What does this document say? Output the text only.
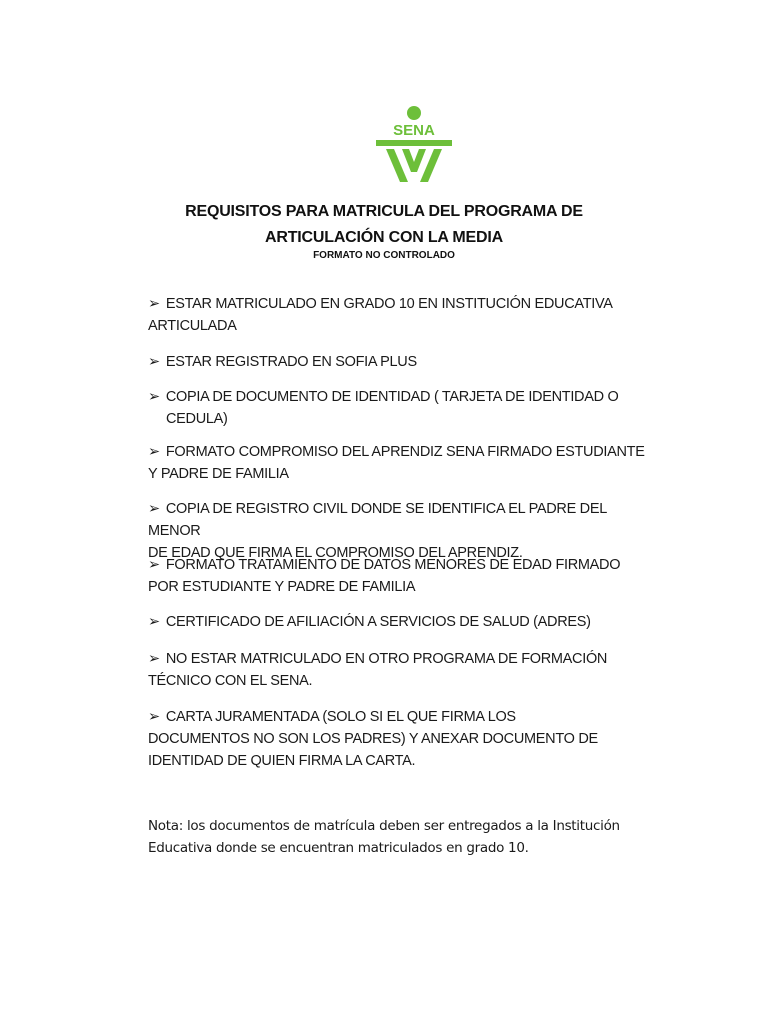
SENA
REQUISITOS PARA MATRICULA DEL PROGRAMA DE
ARTICULACIÓN CON LA MEDIA
FORMATO NO CONTROLADO
➢ ESTAR MATRICULADO EN GRADO 10 EN INSTITUCIÓN EDUCATIVA
ARTICULADA
➢ ESTAR REGISTRADO EN SOFIA PLUS
➢ COPIA DE DOCUMENTO DE IDENTIDAD ( TARJETA DE IDENTIDAD O
CEDULA)
➢ FORMATO COMPROMISO DEL APRENDIZ SENA FIRMADO ESTUDIANTE
Y PADRE DE FAMILIA
➢ COPIA DE REGISTRO CIVIL DONDE SE IDENTIFICA EL PADRE DEL MENOR
DE EDAD QUE FIRMA EL COMPROMISO DEL APRENDIZ.
➢ FORMATO TRATAMIENTO DE DATOS MENORES DE EDAD FIRMADO
POR ESTUDIANTE Y PADRE DE FAMILIA
➢ CERTIFICADO DE AFILIACIÓN A SERVICIOS DE SALUD (ADRES)
➢ NO ESTAR MATRICULADO EN OTRO PROGRAMA DE FORMACIÓN
TÉCNICO CON EL SENA.
➢ CARTA JURAMENTADA (SOLO SI EL QUE FIRMA LOS
DOCUMENTOS NO SON LOS PADRES) Y ANEXAR DOCUMENTO DE
IDENTIDAD DE QUIEN FIRMA LA CARTA.
Nota: los documentos de matrícula deben ser entregados a la Institución
Educativa donde se encuentran matriculados en grado 10.
